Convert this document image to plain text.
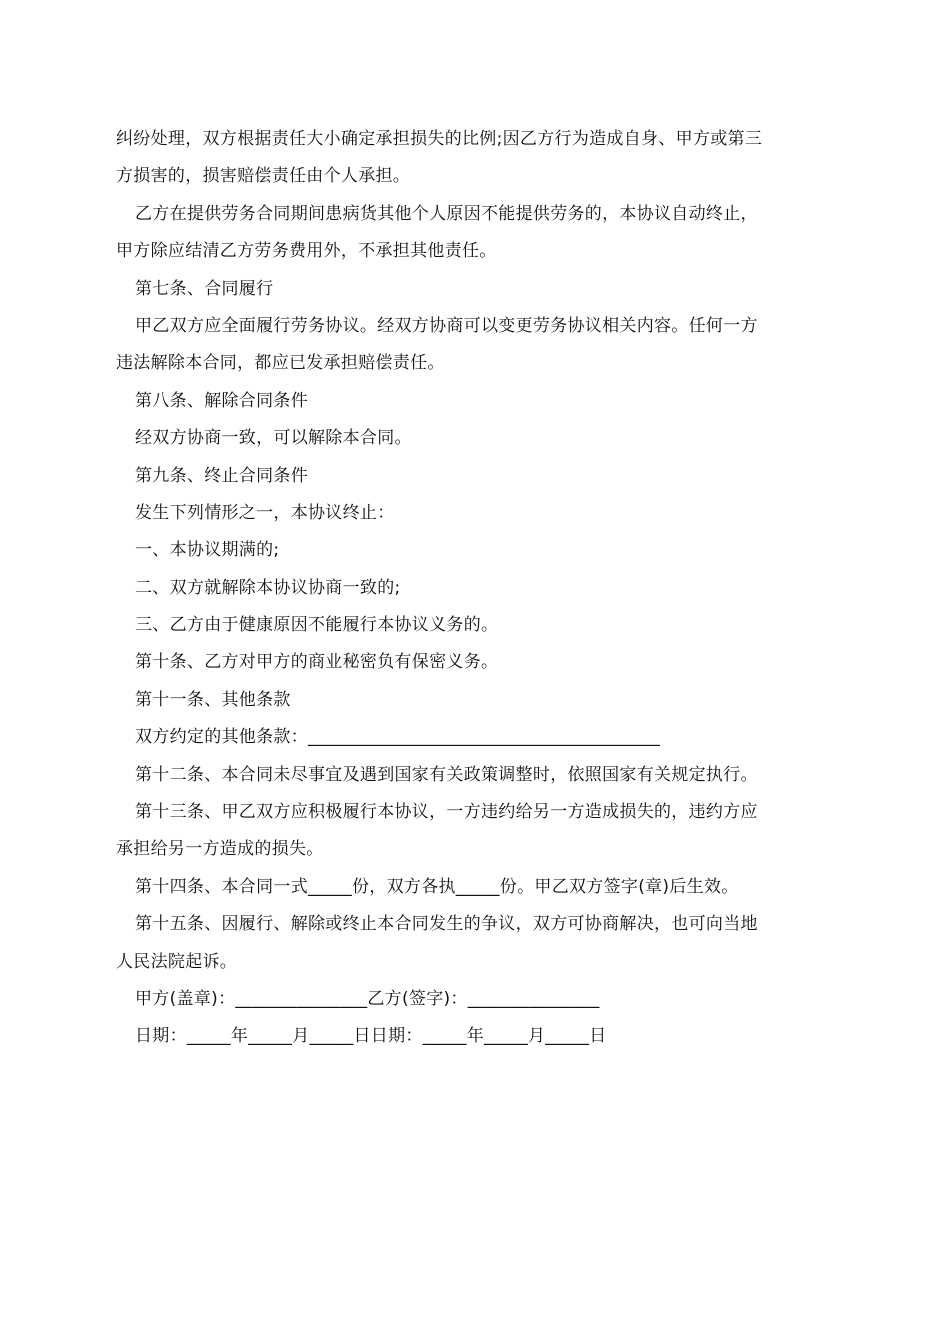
纠纷处理，双方根据责任大小确定承担损失的比例;因乙方行为造成自身、甲方或第三
方损害的，损害赔偿责任由个人承担。
乙方在提供劳务合同期间患病货其他个人原因不能提供劳务的，本协议自动终止，
甲方除应结清乙方劳务费用外，不承担其他责任。
第七条、合同履行
甲乙双方应全面履行劳务协议。经双方协商可以变更劳务协议相关内容。任何一方
违法解除本合同，都应已发承担赔偿责任。
第八条、解除合同条件
经双方协商一致，可以解除本合同。
第九条、终止合同条件
发生下列情形之一，本协议终止：
一、本协议期满的;
二、双方就解除本协议协商一致的;
三、乙方由于健康原因不能履行本协议义务的。
第十条、乙方对甲方的商业秘密负有保密义务。
第十一条、其他条款
双方约定的其他条款：________________________________________
第十二条、本合同未尽事宜及遇到国家有关政策调整时，依照国家有关规定执行。
第十三条、甲乙双方应积极履行本协议，一方违约给另一方造成损失的，违约方应
承担给另一方造成的损失。
第十四条、本合同一式_____份，双方各执_____份。甲乙双方签字(章)后生效。
第十五条、因履行、解除或终止本合同发生的争议，双方可协商解决，也可向当地
人民法院起诉。
甲方(盖章)：_______________乙方(签字)：_______________
日期：_____年_____月_____日日期：_____年_____月_____日
